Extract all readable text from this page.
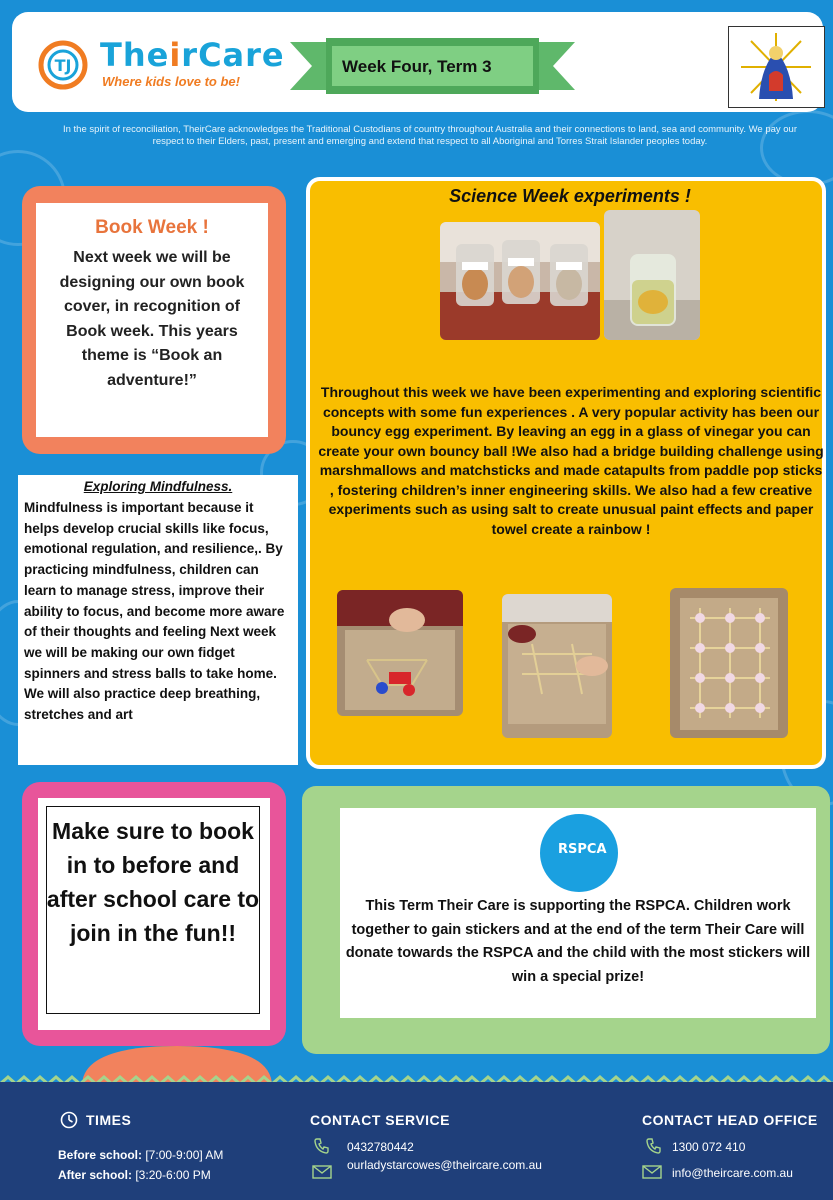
TJ TheirCare
Where kids love to be!
Week Four, Term 3
In the spirit of reconciliation, TheirCare acknowledges the Traditional Custodians of country throughout Australia and their connections to land, sea and community. We pay our respect to their Elders, past, present and emerging and extend that respect to all Aboriginal and Torres Strait Islander peoples today.
Book Week !
Next week we will be designing our own book cover, in recognition of Book week. This years theme is “Book an adventure!”
Exploring Mindfulness.
Mindfulness is important because it helps develop crucial skills like focus, emotional regulation, and resilience,. By practicing mindfulness, children can learn to manage stress, improve their ability to focus, and become more aware of their thoughts and feeling Next week we will be making our own fidget spinners and stress balls to take home. We will also practice deep breathing, stretches and art
Science Week experiments !
Throughout this week we have been experimenting and exploring scientific concepts with some fun experiences . A very popular activity has been our bouncy egg experiment. By leaving an egg in a glass of vinegar you can create your own bouncy ball !We also had a bridge building challenge using marshmallows and matchsticks and made catapults from paddle pop sticks , fostering children’s inner engineering skills. We also had a few creative experiments such as using salt to create unusual paint effects and paper towel create a rainbow !
Make sure to book in to before and after school care to join in the fun!!
RSPCA
This Term Their Care is supporting the RSPCA. Children work together to gain stickers and at the end of the term Their Care will donate towards the RSPCA and the child with the most stickers will win a special prize!
TIMES
Before school: [7:00-9:00] AM
After school: [3:20-6:00 PM
CONTACT SERVICE
0432780442
ourladystarcowes@theircare.com.au
CONTACT HEAD OFFICE
1300 072 410
info@theircare.com.au
